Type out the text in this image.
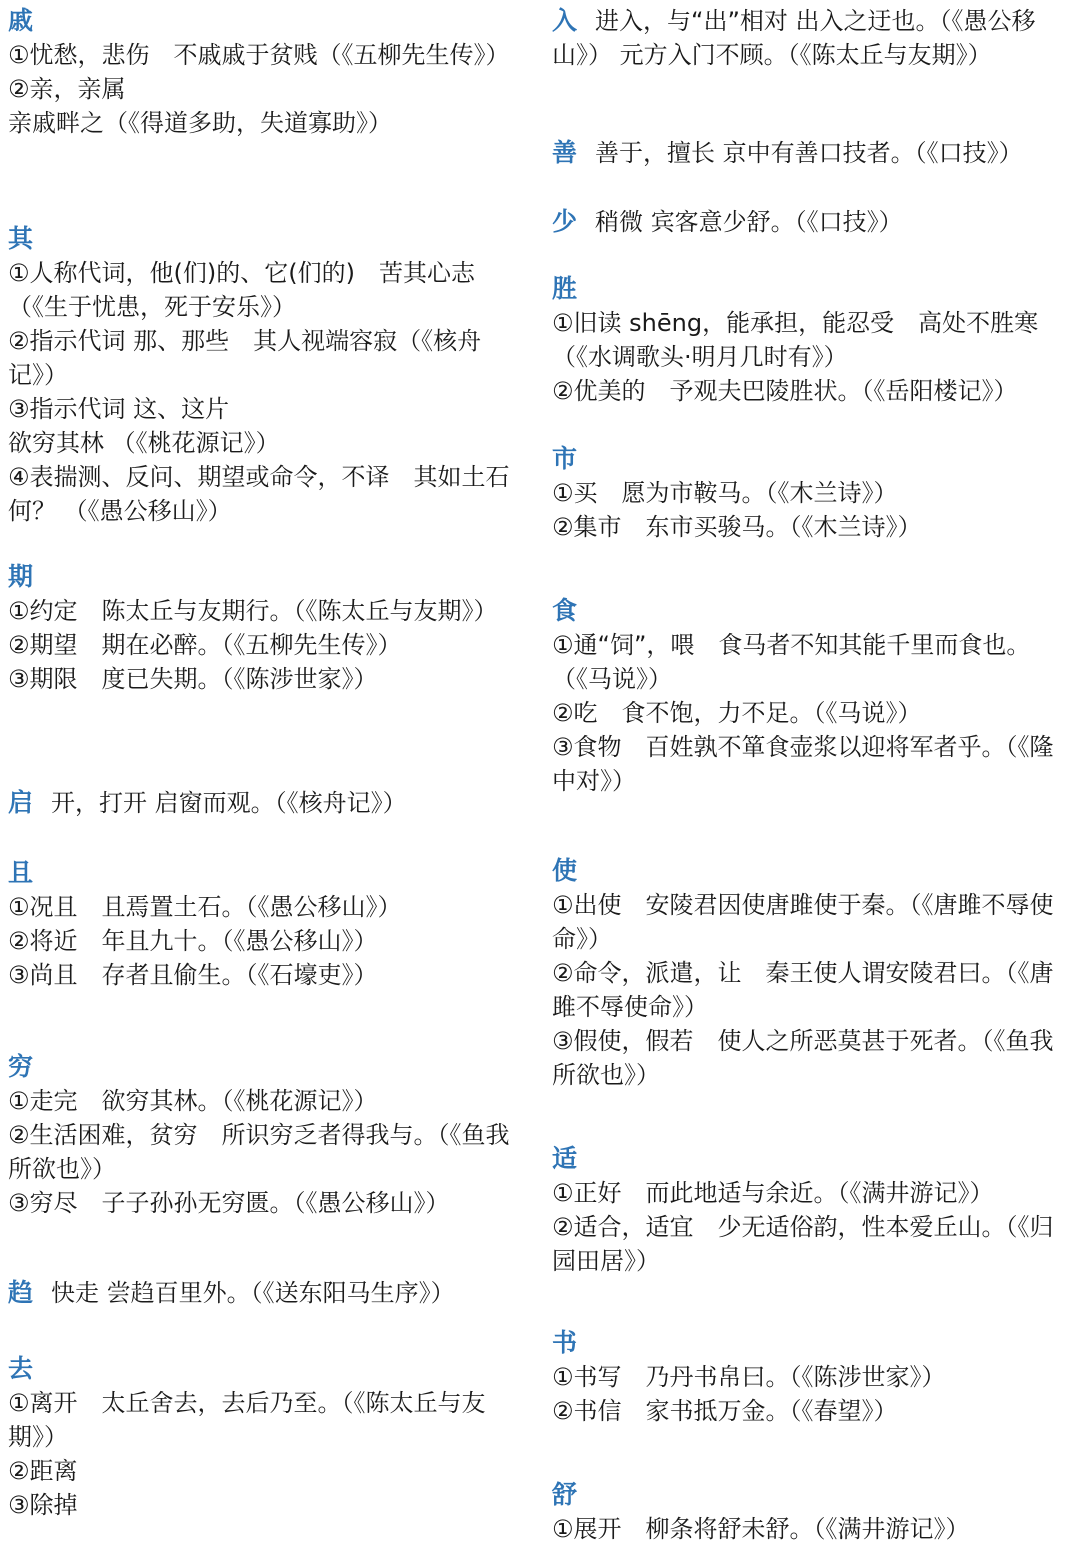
戚
①忧愁，悲伤 不戚戚于贫贱（《五柳先生传》）
②亲，亲属亲戚畔之（《得道多助，失道寡助》）
其
①人称代词，他(们)的、它(们的) 苦其心志 （《生于忧患，死于安乐》）
②指示代词 那、那些 其人视端容寂（《核舟记》）
③指示代词 这、这片欲穷其林 （《桃花源记》）
④表揣测、反问、期望或命令，不译 其如土石何？ （《愚公移山》）
期
①约定 陈太丘与友期行。（《陈太丘与友期》）
②期望 期在必醉。（《五柳先生传》）
③期限 度已失期。（《陈涉世家》）
启 开，打开 启窗而观。（《核舟记》）
且
①况且 且焉置土石。（《愚公移山》）
②将近 年且九十。（《愚公移山》）
③尚且 存者且偷生。（《石壕吏》）
穷
①走完 欲穷其林。（《桃花源记》）
②生活困难，贫穷 所识穷乏者得我与。（《鱼我所欲也》）
③穷尽 子子孙孙无穷匮。（《愚公移山》）
趋 快走 尝趋百里外。（《送东阳马生序》）
去
①离开 太丘舍去，去后乃至。（《陈太丘与友期》）
②距离
③除掉
入 进入，与“出”相对 出入之迂也。（《愚公移山》） 元方入门不顾。（《陈太丘与友期》）
善 善于，擅长 京中有善口技者。（《口技》）
少 稍微 宾客意少舒。（《口技》）
胜
①旧读 shēng，能承担，能忍受 高处不胜寒（《水调歌头·明月几时有》）
②优美的 予观夫巴陵胜状。（《岳阳楼记》）
市
①买 愿为市鞍马。（《木兰诗》）
②集市 东市买骏马。（《木兰诗》）
食
①通“饲”，喂 食马者不知其能千里而食也。（《马说》）
②吃 食不饱，力不足。（《马说》）
③食物 百姓孰不箪食壶浆以迎将军者乎。（《隆中对》）
使
①出使 安陵君因使唐雎使于秦。（《唐雎不辱使命》）
②命令，派遣，让 秦王使人谓安陵君曰。（《唐雎不辱使命》）
③假使，假若 使人之所恶莫甚于死者。（《鱼我所欲也》）
适
①正好 而此地适与余近。（《满井游记》）
②适合，适宜 少无适俗韵，性本爱丘山。（《归园田居》）
书
①书写 乃丹书帛曰。（《陈涉世家》）
②书信 家书抵万金。（《春望》）
舒
①展开 柳条将舒未舒。（《满井游记》）
